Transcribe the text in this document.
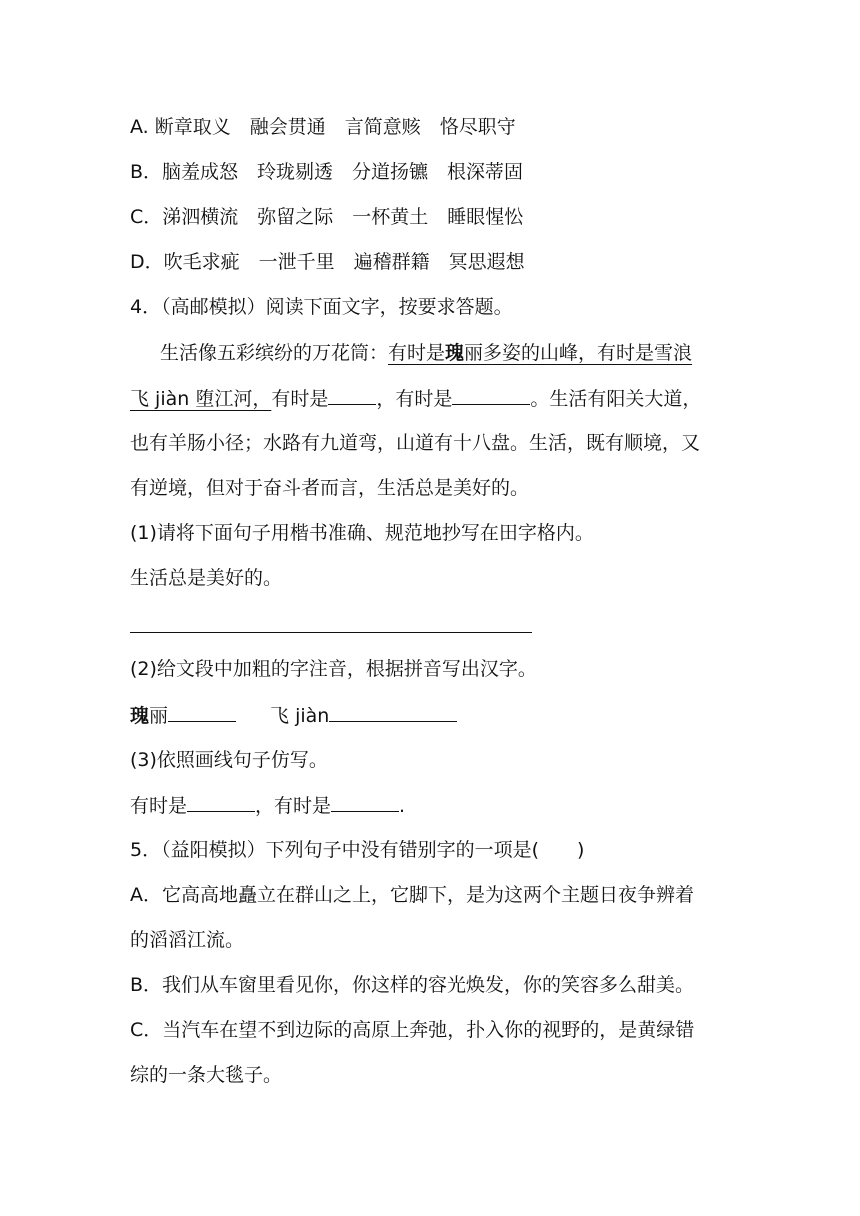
A. 断章取义　融会贯通　言简意赅　恪尽职守
B．脑羞成怒　玲珑剔透　分道扬镳　根深蒂固
C．涕泗横流　弥留之际　一杯黄土　睡眼惺忪
D．吹毛求疵　一泄千里　遍稽群籍　冥思遐想
4．（高邮模拟）阅读下面文字，按要求答题。
生活像五彩缤纷的万花筒：有时是瑰丽多姿的山峰，有时是雪浪
飞 jiàn 堕江河，有时是	，有时是	。生活有阳关大道，
也有羊肠小径；水路有九道弯，山道有十八盘。生活，既有顺境，又
有逆境，但对于奋斗者而言，生活总是美好的。
(1)请将下面句子用楷书准确、规范地抄写在田字格内。
生活总是美好的。
(2)给文段中加粗的字注音，根据拼音写出汉字。
瑰丽	飞 jiàn
(3)依照画线句子仿写。
有时是	，有时是	.
5．（益阳模拟）下列句子中没有错别字的一项是(　　)
A．它高高地矗立在群山之上，它脚下，是为这两个主题日夜争辨着
的滔滔江流。
B．我们从车窗里看见你，你这样的容光焕发，你的笑容多么甜美。
C．当汽车在望不到边际的高原上奔弛，扑入你的视野的，是黄绿错
综的一条大毯子。
